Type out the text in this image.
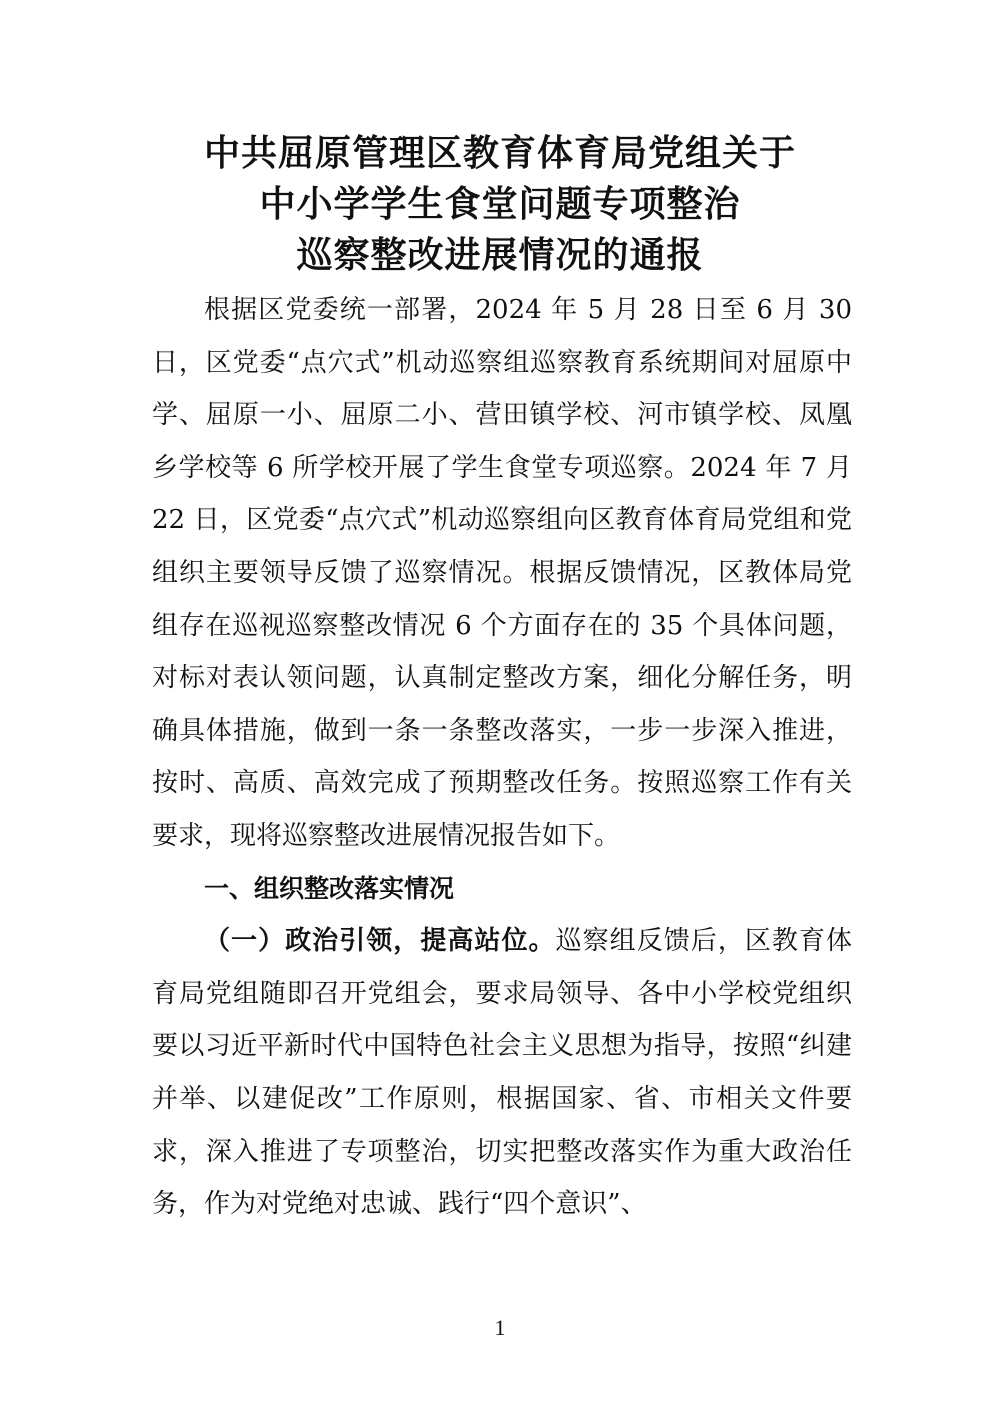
中共屈原管理区教育体育局党组关于
中小学学生食堂问题专项整治
巡察整改进展情况的通报

根据区党委统一部署，2024 年 5 月 28 日至 6 月 30 日，区党委“点穴式”机动巡察组巡察教育系统期间对屈原中学、屈原一小、屈原二小、营田镇学校、河市镇学校、凤凰乡学校等 6 所学校开展了学生食堂专项巡察。2024 年 7 月 22 日，区党委“点穴式”机动巡察组向区教育体育局党组和党组织主要领导反馈了巡察情况。根据反馈情况，区教体局党组存在巡视巡察整改情况 6 个方面存在的 35 个具体问题，对标对表认领问题，认真制定整改方案，细化分解任务，明确具体措施，做到一条一条整改落实，一步一步深入推进，按时、高质、高效完成了预期整改任务。按照巡察工作有关要求，现将巡察整改进展情况报告如下。

一、组织整改落实情况

（一）政治引领，提高站位。巡察组反馈后，区教育体育局党组随即召开党组会，要求局领导、各中小学校党组织要以习近平新时代中国特色社会主义思想为指导，按照“纠建并举、以建促改”工作原则，根据国家、省、市相关文件要求，深入推进了专项整治，切实把整改落实作为重大政治任务，作为对党绝对忠诚、践行“四个意识”、

1
